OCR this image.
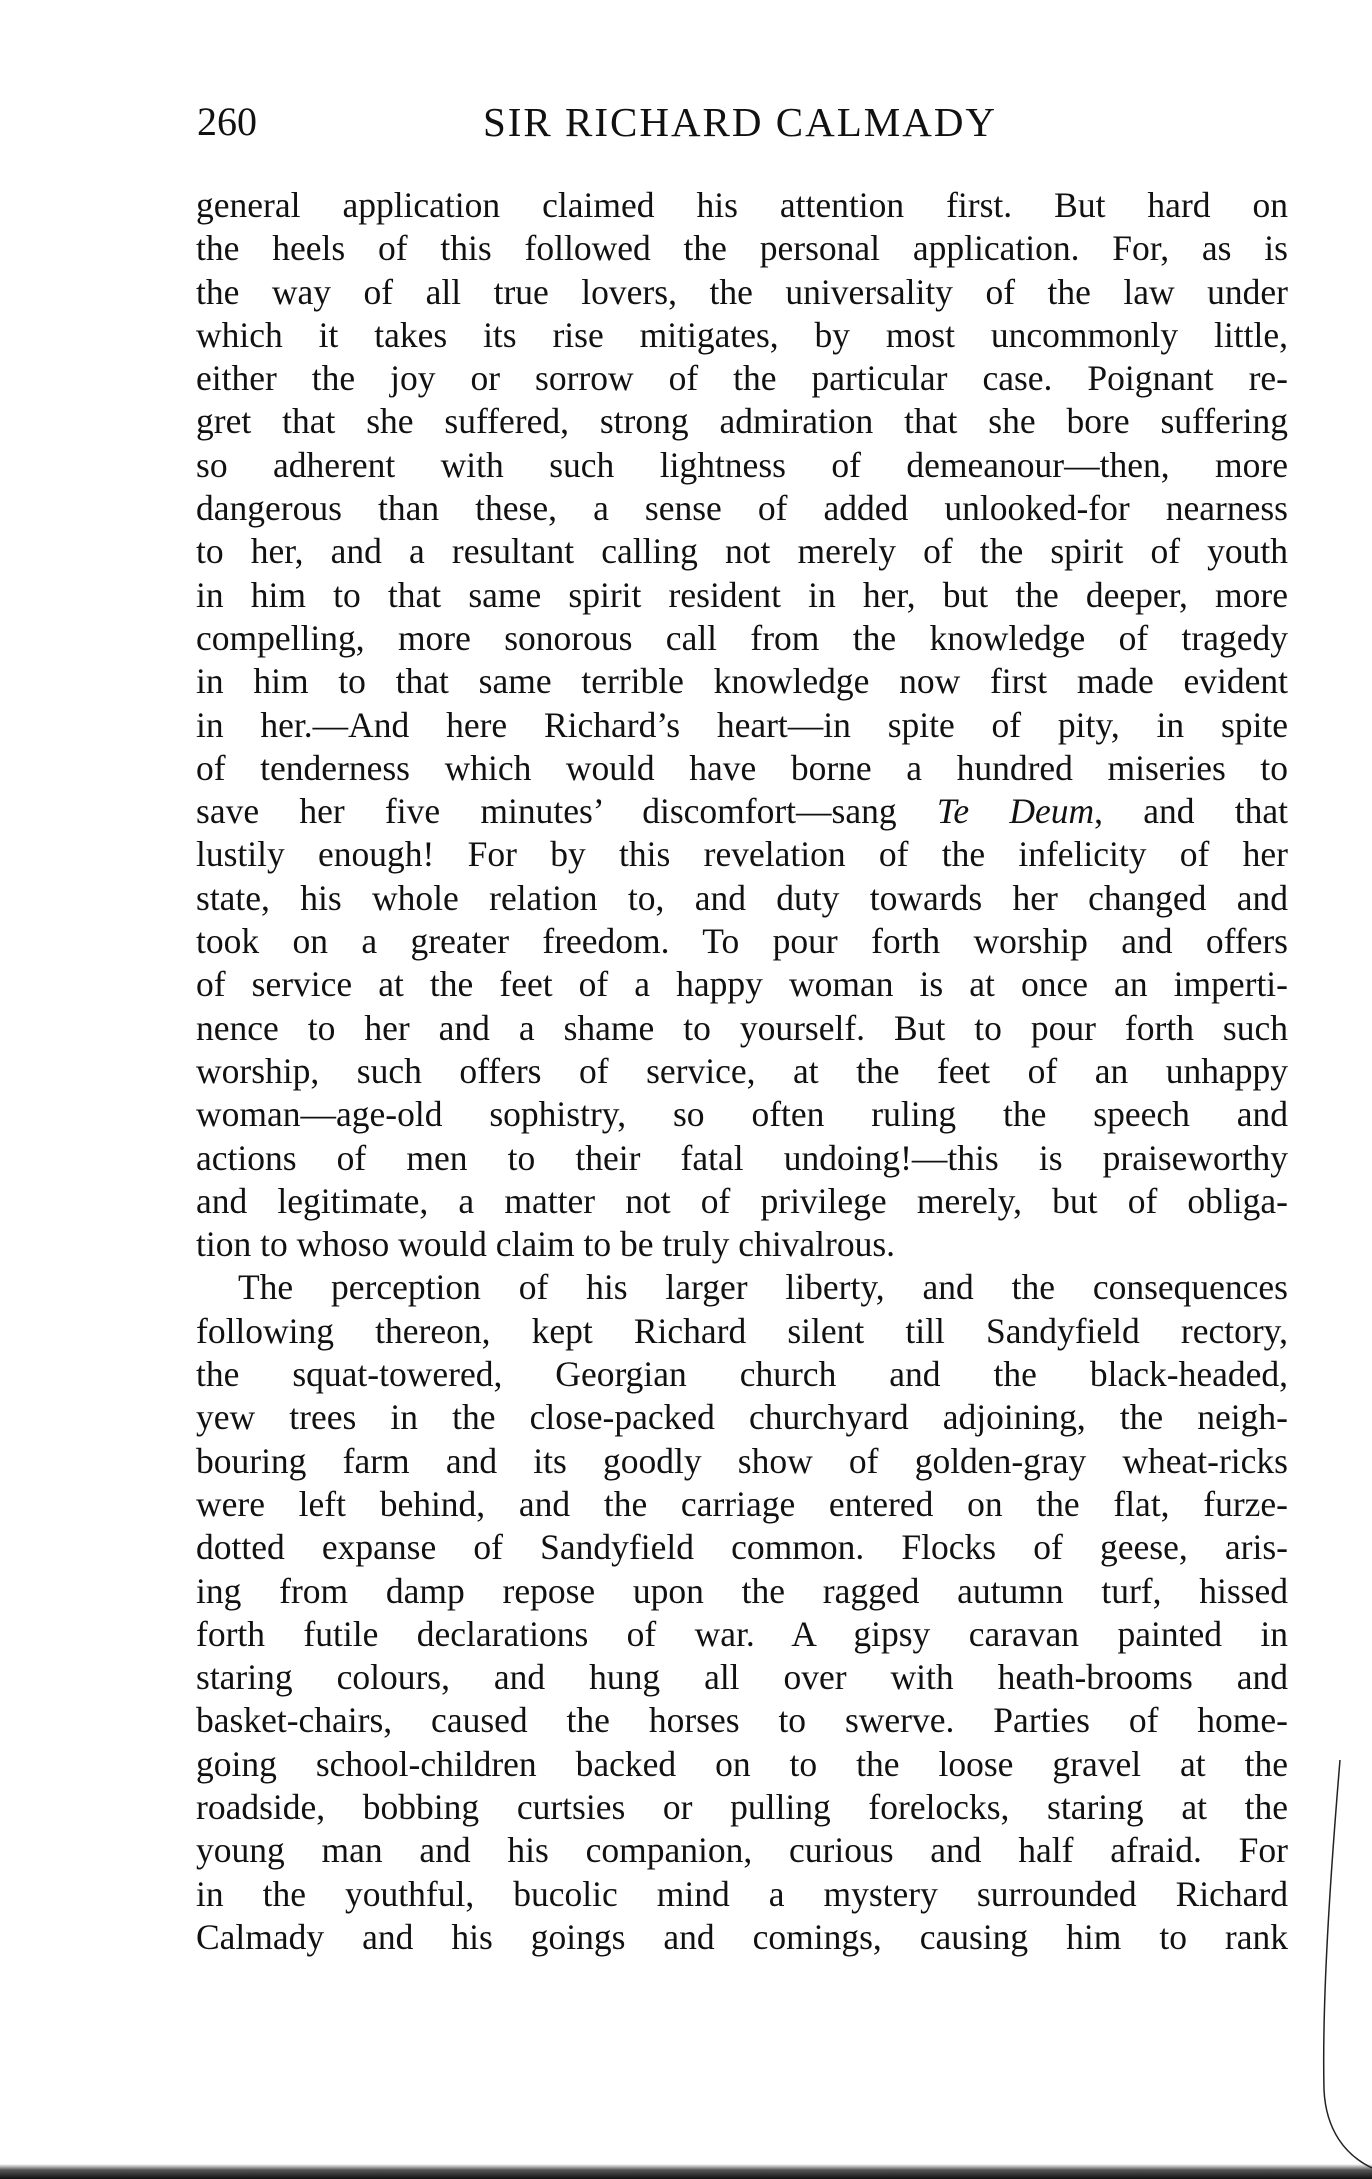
260	SIR RICHARD CALMADY
general application claimed his attention first. But hard on
the heels of this followed the personal application. For, as is
the way of all true lovers, the universality of the law under
which it takes its rise mitigates, by most uncommonly little,
either the joy or sorrow of the particular case. Poignant re-
gret that she suffered, strong admiration that she bore suffering
so adherent with such lightness of demeanour—then, more
dangerous than these, a sense of added unlooked-for nearness
to her, and a resultant calling not merely of the spirit of youth
in him to that same spirit resident in her, but the deeper, more
compelling, more sonorous call from the knowledge of tragedy
in him to that same terrible knowledge now first made evident
in her.—And here Richard’s heart—in spite of pity, in spite
of tenderness which would have borne a hundred miseries to
save her five minutes’ discomfort—sang Te Deum, and that
lustily enough! For by this revelation of the infelicity of her
state, his whole relation to, and duty towards her changed and
took on a greater freedom. To pour forth worship and offers
of service at the feet of a happy woman is at once an imperti-
nence to her and a shame to yourself. But to pour forth such
worship, such offers of service, at the feet of an unhappy
woman—age-old sophistry, so often ruling the speech and
actions of men to their fatal undoing!—this is praiseworthy
and legitimate, a matter not of privilege merely, but of obliga-
tion to whoso would claim to be truly chivalrous.
The perception of his larger liberty, and the consequences
following thereon, kept Richard silent till Sandyfield rectory,
the squat-towered, Georgian church and the black-headed,
yew trees in the close-packed churchyard adjoining, the neigh-
bouring farm and its goodly show of golden-gray wheat-ricks
were left behind, and the carriage entered on the flat, furze-
dotted expanse of Sandyfield common. Flocks of geese, aris-
ing from damp repose upon the ragged autumn turf, hissed
forth futile declarations of war. A gipsy caravan painted in
staring colours, and hung all over with heath-brooms and
basket-chairs, caused the horses to swerve. Parties of home-
going school-children backed on to the loose gravel at the
roadside, bobbing curtsies or pulling forelocks, staring at the
young man and his companion, curious and half afraid. For
in the youthful, bucolic mind a mystery surrounded Richard
Calmady and his goings and comings, causing him to rank
